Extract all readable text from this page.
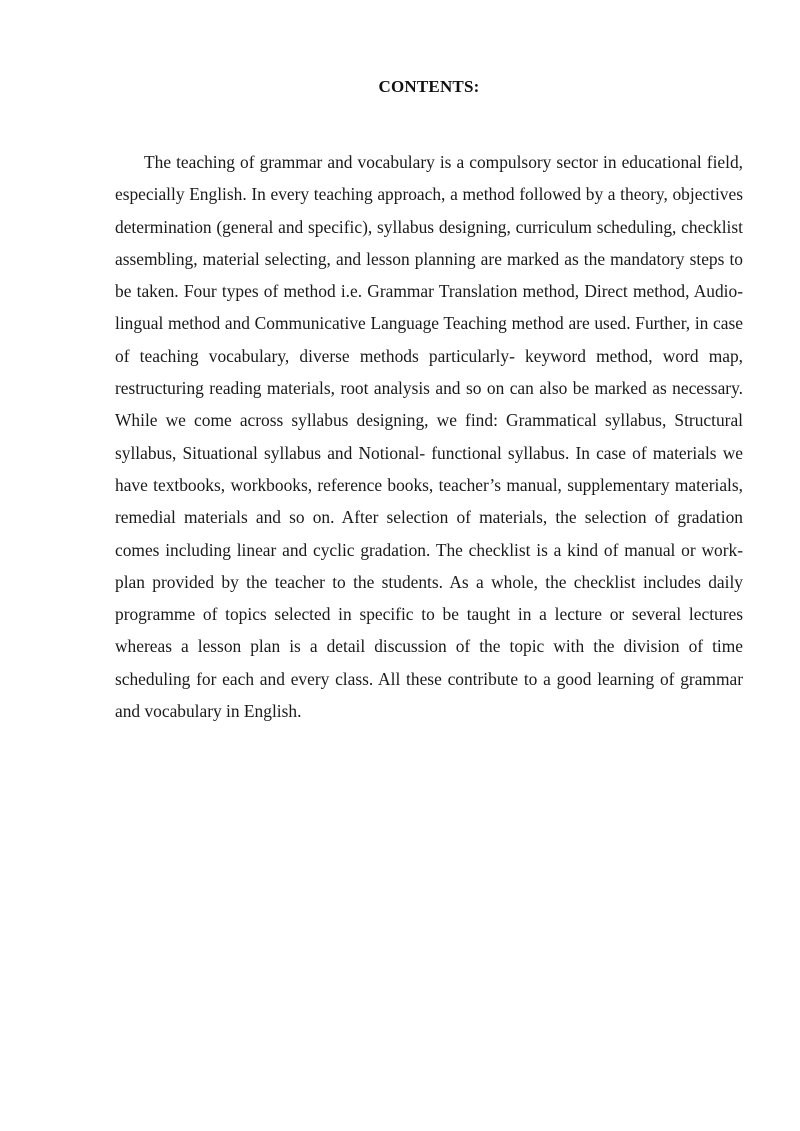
CONTENTS:

The teaching of grammar and vocabulary is a compulsory sector in educational field, especially English. In every teaching approach, a method followed by a theory, objectives determination (general and specific), syllabus designing, curriculum scheduling, checklist assembling, material selecting, and lesson planning are marked as the mandatory steps to be taken. Four types of method i.e. Grammar Translation method, Direct method, Audio-lingual method and Communicative Language Teaching method are used. Further, in case of teaching vocabulary, diverse methods particularly- keyword method, word map, restructuring reading materials, root analysis and so on can also be marked as necessary. While we come across syllabus designing, we find: Grammatical syllabus, Structural syllabus, Situational syllabus and Notional- functional syllabus. In case of materials we have textbooks, workbooks, reference books, teacher’s manual, supplementary materials, remedial materials and so on. After selection of materials, the selection of gradation comes including linear and cyclic gradation. The checklist is a kind of manual or work-plan provided by the teacher to the students. As a whole, the checklist includes daily programme of topics selected in specific to be taught in a lecture or several lectures whereas a lesson plan is a detail discussion of the topic with the division of time scheduling for each and every class. All these contribute to a good learning of grammar and vocabulary in English.
